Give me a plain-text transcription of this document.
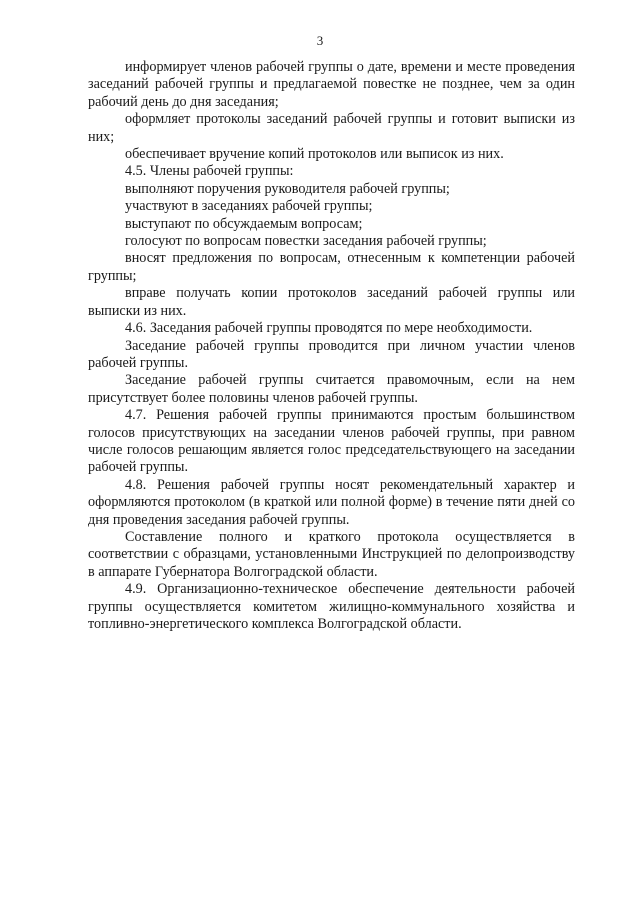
3

информирует членов рабочей группы о дате, времени и месте проведения заседаний рабочей группы и предлагаемой повестке не позднее, чем за один рабочий день до дня заседания;

оформляет протоколы заседаний рабочей группы и готовит выписки из них;

обеспечивает вручение копий протоколов или выписок из них.

4.5. Члены рабочей группы:

выполняют поручения руководителя рабочей группы;

участвуют в заседаниях рабочей группы;

выступают по обсуждаемым вопросам;

голосуют по вопросам повестки заседания рабочей группы;

вносят предложения по вопросам, отнесенным к компетенции рабочей группы;

вправе получать копии протоколов заседаний рабочей группы или выписки из них.

4.6. Заседания рабочей группы проводятся по мере необходимости.

Заседание рабочей группы проводится при личном участии членов рабочей группы.

Заседание рабочей группы считается правомочным, если на нем присутствует более половины членов рабочей группы.

4.7. Решения рабочей группы принимаются простым большинством голосов присутствующих на заседании членов рабочей группы, при равном числе голосов решающим является голос председательствующего на заседании рабочей группы.

4.8. Решения рабочей группы носят рекомендательный характер и оформляются протоколом (в краткой или полной форме) в течение пяти дней со дня проведения заседания рабочей группы.

Составление полного и краткого протокола осуществляется в соответствии с образцами, установленными Инструкцией по делопроизводству в аппарате Губернатора Волгоградской области.

4.9. Организационно-техническое обеспечение деятельности рабочей группы осуществляется комитетом жилищно-коммунального хозяйства и топливно-энергетического комплекса Волгоградской области.
